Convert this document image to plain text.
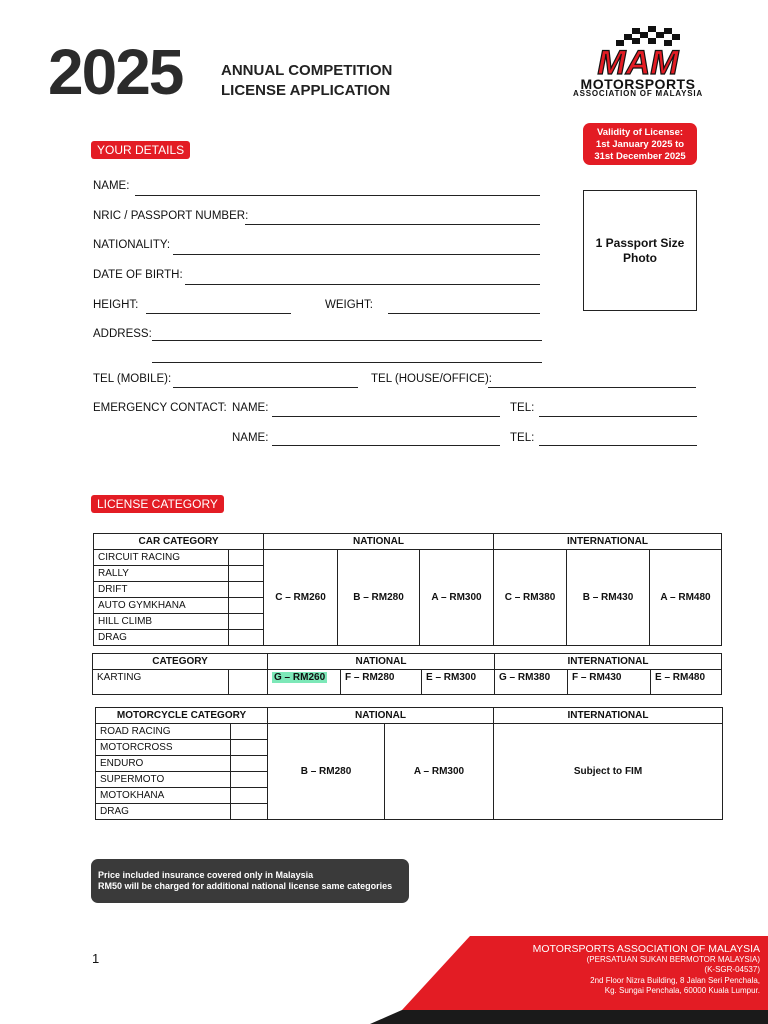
2025	ANNUAL COMPETITION
LICENSE APPLICATION
MAM
MOTORSPORTS
ASSOCIATION OF MALAYSIA
Validity of License:
1st January 2025 to
31st December 2025
1 Passport Size
Photo
YOUR DETAILS
NAME:
NRIC / PASSPORT NUMBER:
NATIONALITY:
DATE OF BIRTH:
HEIGHT:	WEIGHT:
ADDRESS:
TEL (MOBILE):	TEL (HOUSE/OFFICE):
EMERGENCY CONTACT: NAME:	TEL:
NAME:	TEL:
LICENSE CATEGORY
CAR CATEGORY		NATIONAL			INTERNATIONAL		
CIRCUIT RACING		C – RM260	B – RM280	A – RM300	C – RM380	B – RM430	A – RM480
RALLY							
DRIFT							
AUTO GYMKHANA							
HILL CLIMB							
DRAG							
CATEGORY		NATIONAL			INTERNATIONAL		
KARTING		G – RM260	F – RM280	E – RM300	G – RM380	F – RM430	E – RM480
MOTORCYCLE CATEGORY		NATIONAL		INTERNATIONAL
ROAD RACING		B – RM280	A – RM300	Subject to FIM
MOTORCROSS				
ENDURO				
SUPERMOTO				
MOTOKHANA				
DRAG				
Price included insurance covered only in Malaysia
RM50 will be charged for additional national license same categories
1
MOTORSPORTS ASSOCIATION OF MALAYSIA
(PERSATUAN SUKAN BERMOTOR MALAYSIA)
(K-SGR-04537)
2nd Floor Nizra Building, 8 Jalan Seri Penchala,
Kg. Sungai Penchala, 60000 Kuala Lumpur.
